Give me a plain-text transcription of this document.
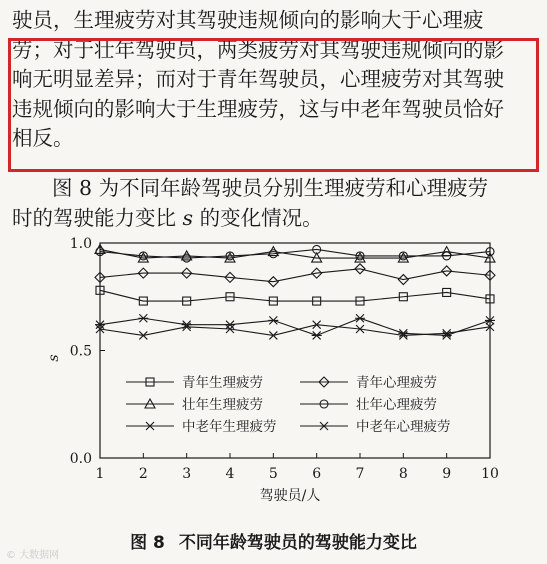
驶员，生理疲劳对其驾驶违规倾向的影响大于心理疲
劳；对于壮年驾驶员，两类疲劳对其驾驶违规倾向的影
响无明显差异；而对于青年驾驶员，心理疲劳对其驾驶
违规倾向的影响大于生理疲劳，这与中老年驾驶员恰好
相反。
图 8 为不同年龄驾驶员分别生理疲劳和心理疲劳
时的驾驶能力变比 s 的变化情况。
1 2 3 4 5 6 7 8 9 10
0.0
0.5
1.0
驾驶员/人
s
青年生理疲劳	青年心理疲劳
壮年生理疲劳	壮年心理疲劳
中老年生理疲劳	中老年心理疲劳
图 8 不同年龄驾驶员的驾驶能力变比
© 大数据网
